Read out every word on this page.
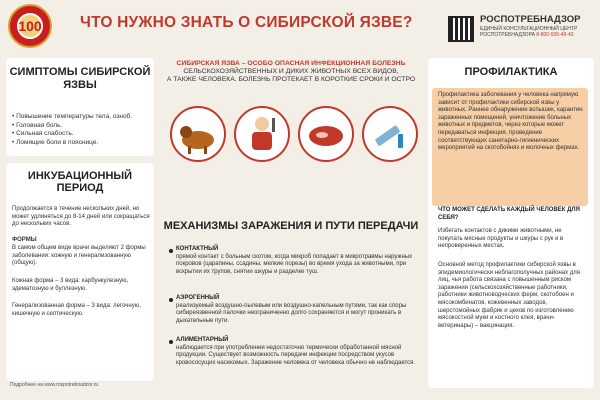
100 ЧТО НУЖНО ЗНАТЬ О СИБИРСКОЙ ЯЗВЕ?	РОСПОТРЕБНАДЗОР
ЕДИНЫЙ КОНСУЛЬТАЦИОННЫЙ ЦЕНТР
РОСПОТРЕБНАДЗОРА 8-800-555-49-43
СИМПТОМЫ СИБИРСКОЙ ЯЗВЫ
• Повышение температуры тела, озноб.
• Головная боль.
• Сильная слабость.
• Ломящие боли в пояснице.
ИНКУБАЦИОННЫЙ ПЕРИОД
Продолжается в течение нескольких дней, но может удлиняться до 8-14 дней или сокращаться до нескольких часов.
ФОРМЫ
В самом общем виде врачи выделяют 2 формы заболевания: кожную и генерализованную (общую).
Кожная форма – 3 вида: карбункулезную, эдематозную и буллезную.
Генерализованная форма – 3 вида: легочную, кишечную и септическую.
СИБИРСКАЯ ЯЗВА – ОСОБО ОПАСНАЯ ИНФЕКЦИОННАЯ БОЛЕЗНЬ
СЕЛЬСКОХОЗЯЙСТВЕННЫХ И ДИКИХ ЖИВОТНЫХ ВСЕХ ВИДОВ,
А ТАКЖЕ ЧЕЛОВЕКА. БОЛЕЗНЬ ПРОТЕКАЕТ В КОРОТКИЕ СРОКИ И ОСТРО
МЕХАНИЗМЫ ЗАРАЖЕНИЯ И ПУТИ ПЕРЕДАЧИ
КОНТАКТНЫЙ
прямой контакт с больным скотом, когда микроб попадает в микротравмы наружных покровов (царапины, ссадины, мелкие порезы) во время ухода за животными, при вскрытии их трупов, снятии шкуры и разделке туш.
АЭРОГЕННЫЙ
реализуемый воздушно-пылевым или воздушно-капельным путями, так как споры сибиреязвенной палочки неограниченно долго сохраняются и могут проникать в дыхательные пути.
АЛИМЕНТАРНЫЙ
наблюдается при употреблении недостаточно термически обработанной мясной продукции. Существует возможность передачи инфекции посредством укусов кровососущих насекомых. Заражение человека от человека обычно не наблюдается.
ПРОФИЛАКТИКА
Профилактика заболевания у человека напрямую зависит от профилактики сибирской язвы у животных. Раннее обнаружение вспышек, карантин зараженных помещений, уничтожение больных животных и предметов, через которые может передаваться инфекция, проведение соответствующих санитарно-гигиенических мероприятий на скотобойнях и молочных фермах.
ЧТО МОЖЕТ СДЕЛАТЬ КАЖДЫЙ ЧЕЛОВЕК ДЛЯ СЕБЯ?
Избегать контактов с дикими животными, не покупать мясные продукты и шкуры с рук и в непроверенных местах.
Основной метод профилактики сибирской язвы в эпидемиологически неблагополучных районах для лиц, чья работа связана с повышенным риском заражения (сельскохозяйственные работники, работники животноводческих ферм, скотобоен и мясокомбинатов, кожевенных заводов, шерстомойных фабрик и цехов по изготовлению мясокостной муки и костного клея, врачи-ветеринары) – вакцинация.
Подробнее на www.rospotrebnadzor.ru
